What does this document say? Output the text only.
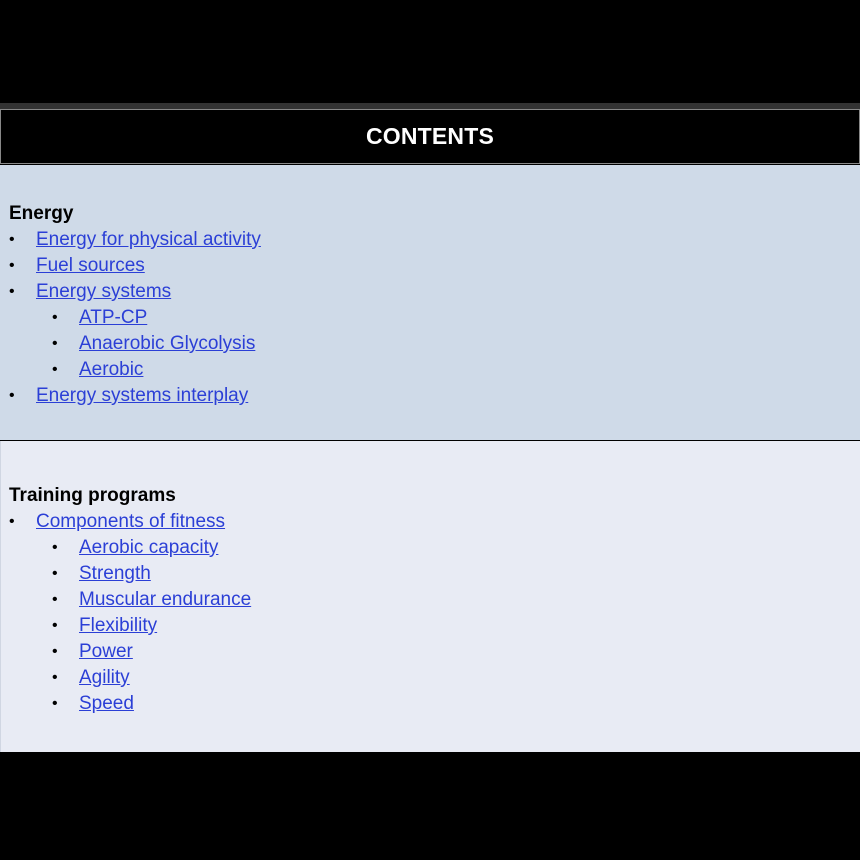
CONTENTS
Energy
• Energy for physical activity
• Fuel sources
• Energy systems
• ATP-CP
• Anaerobic Glycolysis
• Aerobic
• Energy systems interplay
Training programs
• Components of fitness
• Aerobic capacity
• Strength
• Muscular endurance
• Flexibility
• Power
• Agility
• Speed
